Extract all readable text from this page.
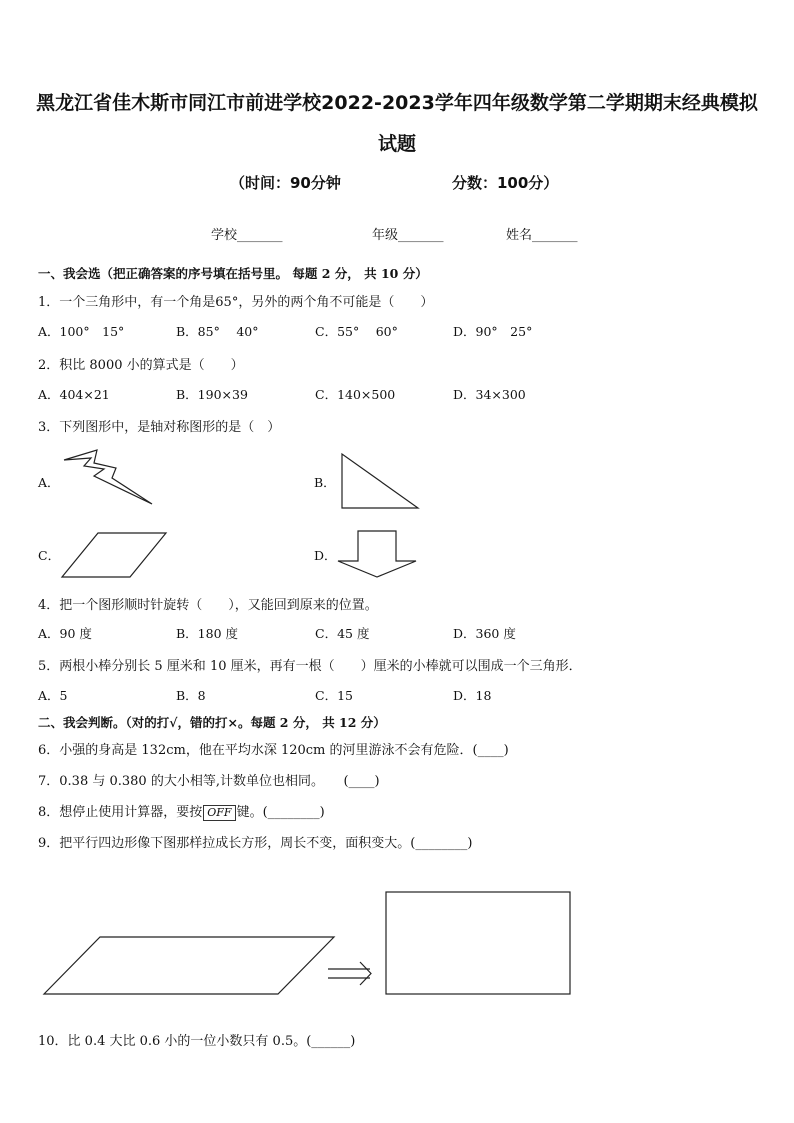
黑龙江省佳木斯市同江市前进学校2022-2023学年四年级数学第二学期期末经典模拟
试题
（时间：90分钟	分数：100分）
学校_______	年级_______	姓名_______
一、我会选（把正确答案的序号填在括号里。 每题 2 分， 共 10 分）
1．一个三角形中，有一个角是65°，另外的两个角不可能是（　　）
A．100°　15°	B．85°　 40°	C．55°　 60°	D．90°　25°
2．积比 8000 小的算式是（　　）
A．404×21	B．190×39	C．140×500	D．34×300
3．下列图形中，是轴对称图形的是（　）
A．	B．
C．	D．
4．把一个图形顺时针旋转（　　），又能回到原来的位置。
A．90 度	B．180 度	C．45 度	D．360 度
5．两根小棒分别长 5 厘米和 10 厘米，再有一根（　　）厘米的小棒就可以围成一个三角形．
A．5	B．8	C．15	D．18
二、我会判断。（对的打√，错的打×。每题 2 分， 共 12 分）
6．小强的身高是 132cm，他在平均水深 120cm 的河里游泳不会有危险．(____)
7．0.38 与 0.380 的大小相等,计数单位也相同。　　(____)
8．想停止使用计算器，要按 OFF 键。(________)
9．把平行四边形像下图那样拉成长方形，周长不变，面积变大。(________)
10．比 0.4 大比 0.6 小的一位小数只有 0.5。(______)
